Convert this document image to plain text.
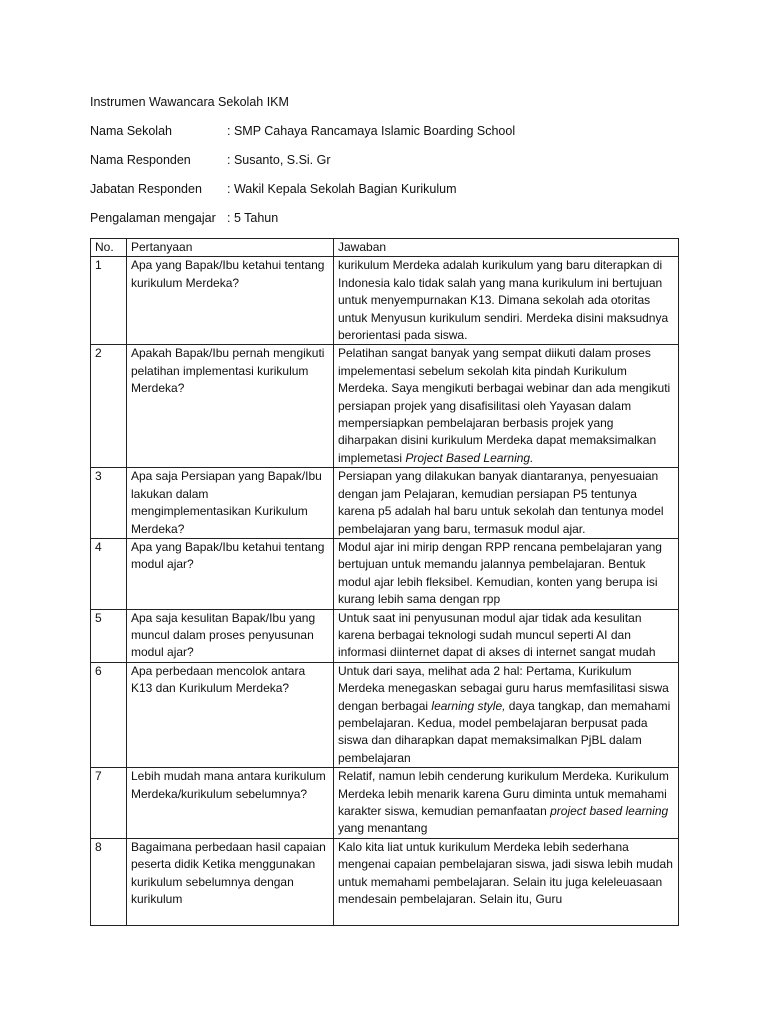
Instrumen Wawancara Sekolah IKM
Nama Sekolah	: SMP Cahaya Rancamaya Islamic Boarding School
Nama Responden	: Susanto, S.Si. Gr
Jabatan Responden : Wakil Kepala Sekolah Bagian Kurikulum
Pengalaman mengajar : 5 Tahun
No.	Pertanyaan	Jawaban
1	Apa yang Bapak/Ibu ketahui tentang kurikulum Merdeka?	kurikulum Merdeka adalah kurikulum yang baru diterapkan di Indonesia kalo tidak salah yang mana kurikulum ini bertujuan untuk menyempurnakan K13. Dimana sekolah ada otoritas untuk Menyusun kurikulum sendiri. Merdeka disini maksudnya berorientasi pada siswa.
2	Apakah Bapak/Ibu pernah mengikuti pelatihan implementasi kurikulum Merdeka?	Pelatihan sangat banyak yang sempat diikuti dalam proses impelementasi sebelum sekolah kita pindah Kurikulum Merdeka. Saya mengikuti berbagai webinar dan ada mengikuti persiapan projek yang disafisilitasi oleh Yayasan dalam mempersiapkan pembelajaran berbasis projek yang diharpakan disini kurikulum Merdeka dapat memaksimalkan implemetasi Project Based Learning.
3	Apa saja Persiapan yang Bapak/Ibu lakukan dalam mengimplementasikan Kurikulum Merdeka?	Persiapan yang dilakukan banyak diantaranya, penyesuaian dengan jam Pelajaran, kemudian persiapan P5 tentunya karena p5 adalah hal baru untuk sekolah dan tentunya model pembelajaran yang baru, termasuk modul ajar.
4	Apa yang Bapak/Ibu ketahui tentang modul ajar?	Modul ajar ini mirip dengan RPP rencana pembelajaran yang bertujuan untuk memandu jalannya pembelajaran. Bentuk modul ajar lebih fleksibel. Kemudian, konten yang berupa isi kurang lebih sama dengan rpp
5	Apa saja kesulitan Bapak/Ibu yang muncul dalam proses penyusunan modul ajar?	Untuk saat ini penyusunan modul ajar tidak ada kesulitan karena berbagai teknologi sudah muncul seperti AI dan informasi diinternet dapat di akses di internet sangat mudah
6	Apa perbedaan mencolok antara K13 dan Kurikulum Merdeka?	Untuk dari saya, melihat ada 2 hal: Pertama, Kurikulum Merdeka menegaskan sebagai guru harus memfasilitasi siswa dengan berbagai learning style, daya tangkap, dan memahami pembelajaran. Kedua, model pembelajaran berpusat pada siswa dan diharapkan dapat memaksimalkan PjBL dalam pembelajaran
7	Lebih mudah mana antara kurikulum Merdeka/kurikulum sebelumnya?	Relatif, namun lebih cenderung kurikulum Merdeka. Kurikulum Merdeka lebih menarik karena Guru diminta untuk memahami karakter siswa, kemudian pemanfaatan project based learning yang menantang
8	Bagaimana perbedaan hasil capaian peserta didik Ketika menggunakan kurikulum sebelumnya dengan kurikulum	Kalo kita liat untuk kurikulum Merdeka lebih sederhana mengenai capaian pembelajaran siswa, jadi siswa lebih mudah untuk memahami pembelajaran. Selain itu juga keleleuasaan mendesain pembelajaran. Selain itu, Guru
